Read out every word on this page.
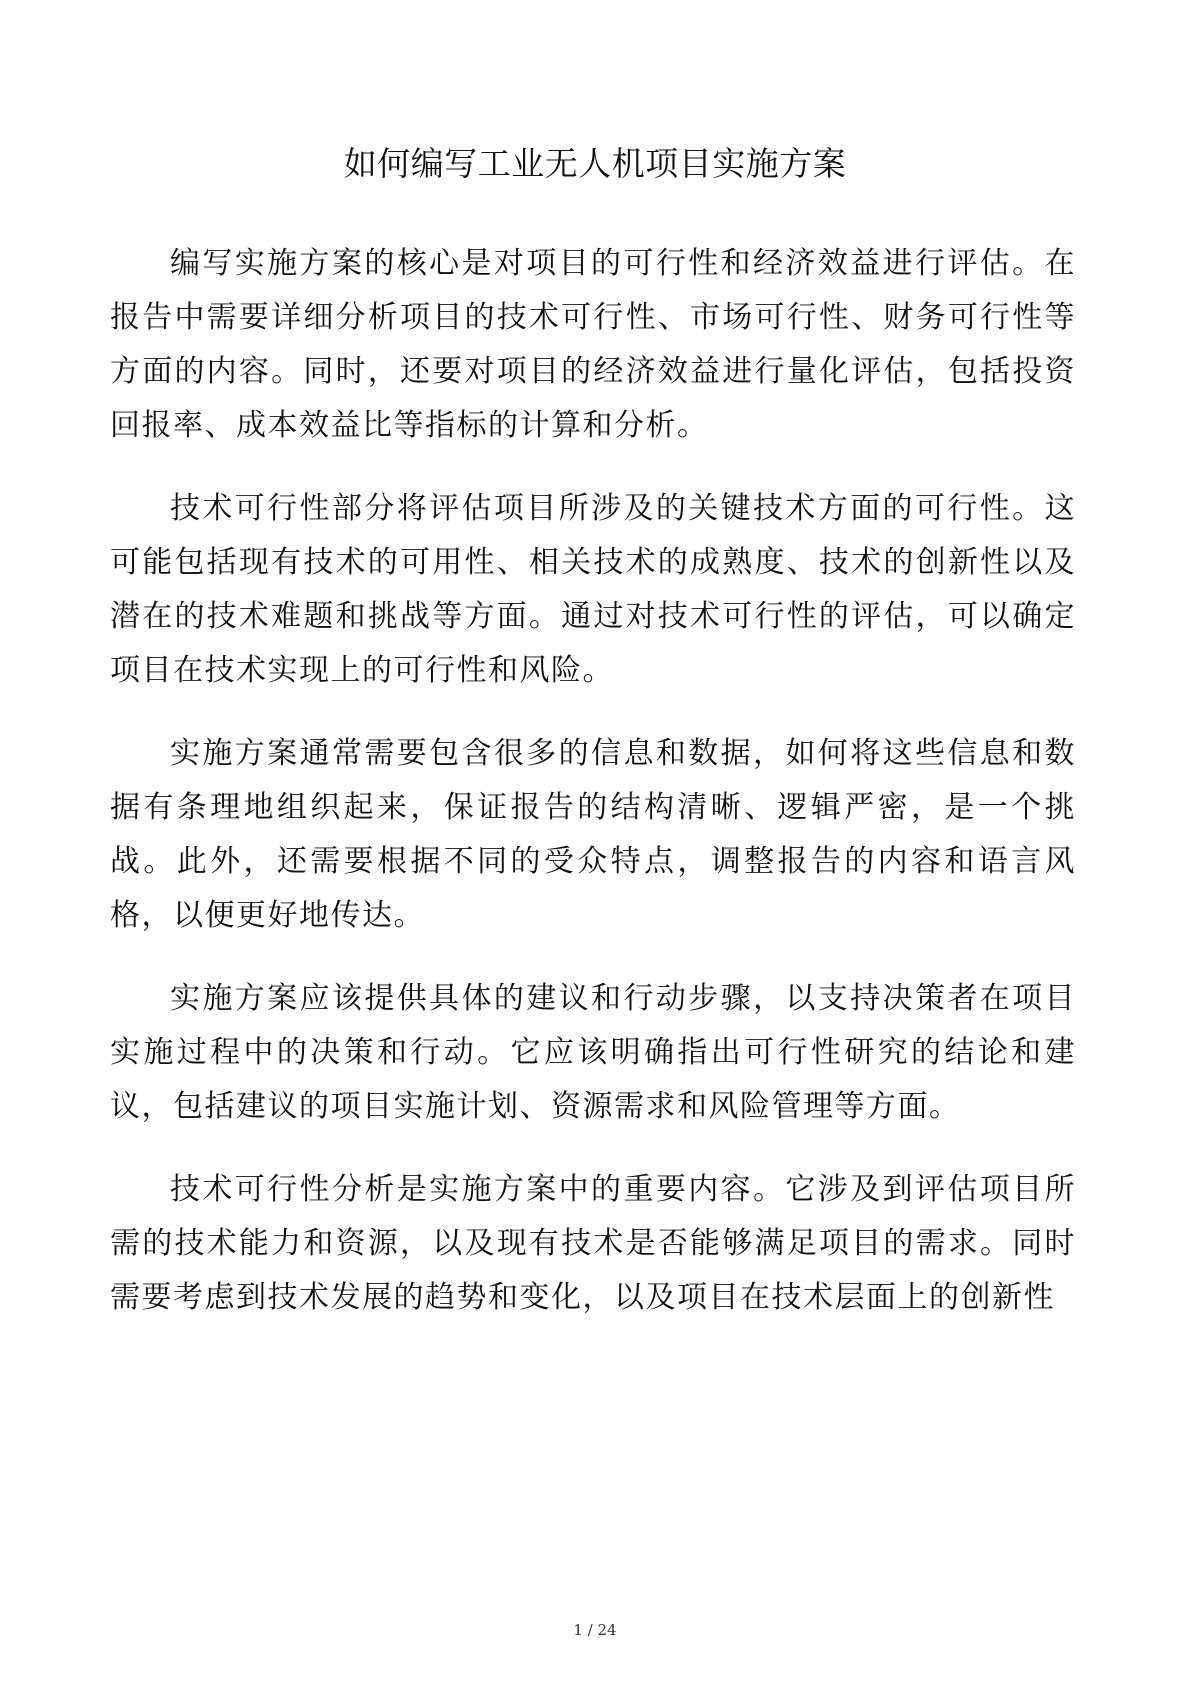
如何编写工业无人机项目实施方案

编写实施方案的核心是对项目的可行性和经济效益进行评估。在报告中需要详细分析项目的技术可行性、市场可行性、财务可行性等方面的内容。同时，还要对项目的经济效益进行量化评估，包括投资回报率、成本效益比等指标的计算和分析。

技术可行性部分将评估项目所涉及的关键技术方面的可行性。这可能包括现有技术的可用性、相关技术的成熟度、技术的创新性以及潜在的技术难题和挑战等方面。通过对技术可行性的评估，可以确定项目在技术实现上的可行性和风险。

实施方案通常需要包含很多的信息和数据，如何将这些信息和数据有条理地组织起来，保证报告的结构清晰、逻辑严密，是一个挑战。此外，还需要根据不同的受众特点，调整报告的内容和语言风格，以便更好地传达。

实施方案应该提供具体的建议和行动步骤，以支持决策者在项目实施过程中的决策和行动。它应该明确指出可行性研究的结论和建议，包括建议的项目实施计划、资源需求和风险管理等方面。

技术可行性分析是实施方案中的重要内容。它涉及到评估项目所需的技术能力和资源，以及现有技术是否能够满足项目的需求。同时需要考虑到技术发展的趋势和变化，以及项目在技术层面上的创新性

1 / 24
